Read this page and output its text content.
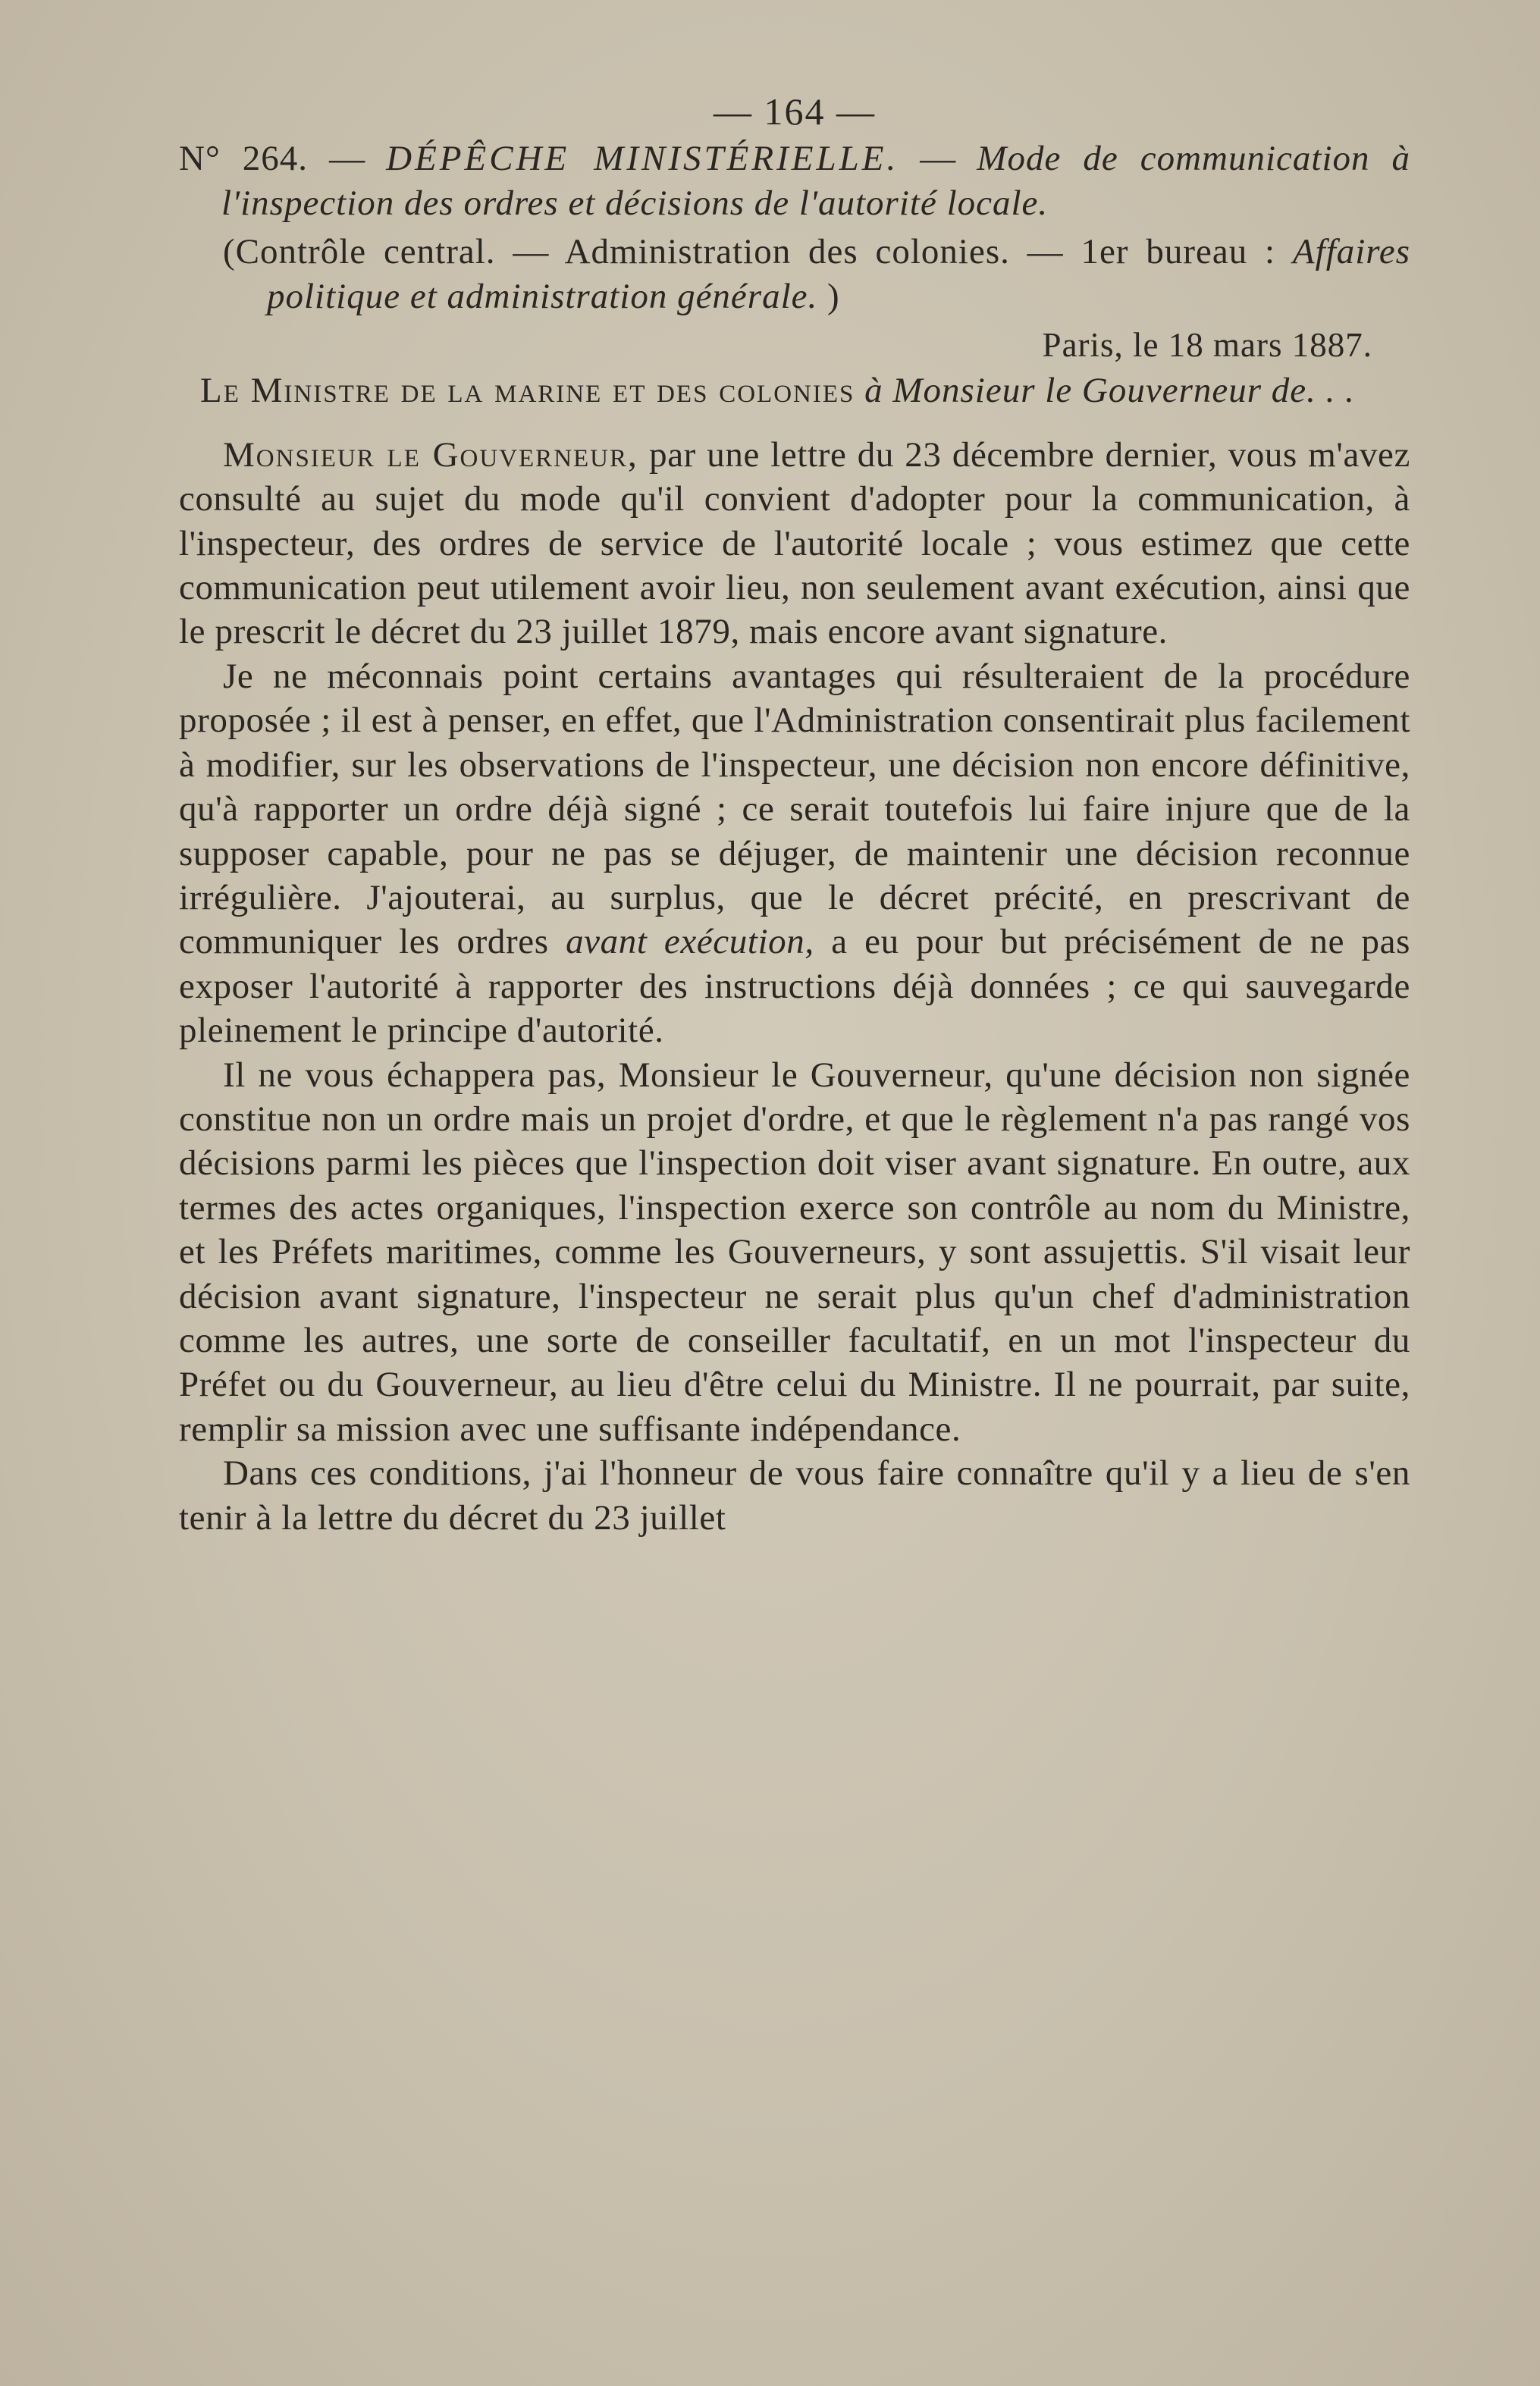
— 164 —

N° 264. — DÉPÊCHE MINISTÉRIELLE. — Mode de communication à l'inspection des ordres et décisions de l'autorité locale.

(Contrôle central. — Administration des colonies. — 1er bureau : Affaires politique et administration générale. )

Paris, le 18 mars 1887.

Le Ministre de la marine et des colonies à Monsieur le Gouverneur de. . .

Monsieur le Gouverneur, par une lettre du 23 décembre dernier, vous m'avez consulté au sujet du mode qu'il convient d'adopter pour la communication, à l'inspecteur, des ordres de service de l'autorité locale ; vous estimez que cette communication peut utilement avoir lieu, non seulement avant exécution, ainsi que le prescrit le décret du 23 juillet 1879, mais encore avant signature.

Je ne méconnais point certains avantages qui résulteraient de la procédure proposée ; il est à penser, en effet, que l'Administration consentirait plus facilement à modifier, sur les observations de l'inspecteur, une décision non encore définitive, qu'à rapporter un ordre déjà signé ; ce serait toutefois lui faire injure que de la supposer capable, pour ne pas se déjuger, de maintenir une décision reconnue irrégulière. J'ajouterai, au surplus, que le décret précité, en prescrivant de communiquer les ordres avant exécution, a eu pour but précisément de ne pas exposer l'autorité à rapporter des instructions déjà données ; ce qui sauvegarde pleinement le principe d'autorité.

Il ne vous échappera pas, Monsieur le Gouverneur, qu'une décision non signée constitue non un ordre mais un projet d'ordre, et que le règlement n'a pas rangé vos décisions parmi les pièces que l'inspection doit viser avant signature. En outre, aux termes des actes organiques, l'inspection exerce son contrôle au nom du Ministre, et les Préfets maritimes, comme les Gouverneurs, y sont assujettis. S'il visait leur décision avant signature, l'inspecteur ne serait plus qu'un chef d'administration comme les autres, une sorte de conseiller facultatif, en un mot l'inspecteur du Préfet ou du Gouverneur, au lieu d'être celui du Ministre. Il ne pourrait, par suite, remplir sa mission avec une suffisante indépendance.

Dans ces conditions, j'ai l'honneur de vous faire connaître qu'il y a lieu de s'en tenir à la lettre du décret du 23 juillet
